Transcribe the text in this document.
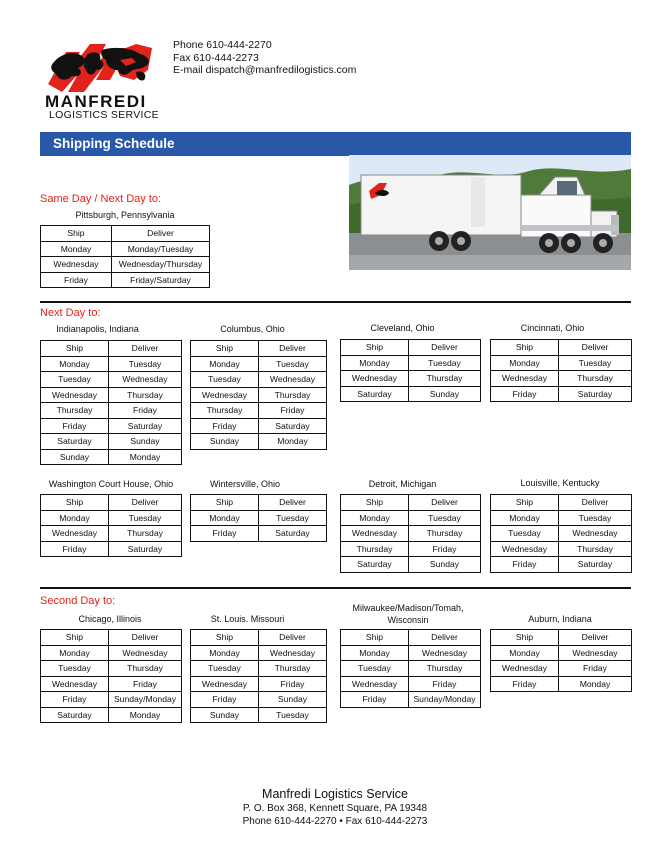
MANFREDI
LOGISTICS SERVICE
Phone 610-444-2270
Fax 610-444-2273
E-mail dispatch@manfredilogistics.com
Shipping Schedule
Same Day / Next Day to:
Next Day to:
Second Day to:
Pittsburgh, Pennsylvania
Indianapolis, Indiana	Columbus, Ohio	Cleveland, Ohio	Cincinnati, Ohio
Washington Court House, Ohio	Wintersville, Ohio	Detroit, Michigan	Louisville, Kentucky
Chicago, Illinois	St. Louis. Missouri
Milwaukee/Madison/Tomah,
Wisconsin	Auburn, Indiana
Ship	Deliver
Monday	Monday/Tuesday
Wednesday	Wednesday/Thursday
Friday	Friday/Saturday
Ship	Deliver
Monday	Tuesday
Tuesday	Wednesday
Wednesday	Thursday
Thursday	Friday
Friday	Saturday
Saturday	Sunday
Sunday	Monday
Ship	Deliver
Monday	Tuesday
Tuesday	Wednesday
Wednesday	Thursday
Thursday	Friday
Friday	Saturday
Sunday	Monday
Ship	Deliver
Monday	Tuesday
Wednesday	Thursday
Saturday	Sunday
Ship	Deliver
Monday	Tuesday
Wednesday	Thursday
Friday	Saturday
Ship	Deliver
Monday	Tuesday
Wednesday	Thursday
Friday	Saturday
Ship	Deliver
Monday	Tuesday
Friday	Saturday
Ship	Deliver
Monday	Tuesday
Wednesday	Thursday
Thursday	Friday
Saturday	Sunday
Ship	Deliver
Monday	Tuesday
Tuesday	Wednesday
Wednesday	Thursday
Friday	Saturday
Ship	Deliver
Monday	Wednesday
Tuesday	Thursday
Wednesday	Friday
Friday	Sunday/Monday
Saturday	Monday
Ship	Deliver
Monday	Wednesday
Tuesday	Thursday
Wednesday	Friday
Friday	Sunday
Sunday	Tuesday
Ship	Deliver
Monday	Wednesday
Tuesday	Thursday
Wednesday	Friday
Friday	Sunday/Monday
Ship	Deliver
Monday	Wednesday
Wednesday	Friday
Friday	Monday
Manfredi Logistics Service
P. O. Box 368, Kennett Square, PA 19348
Phone 610-444-2270 • Fax 610-444-2273
